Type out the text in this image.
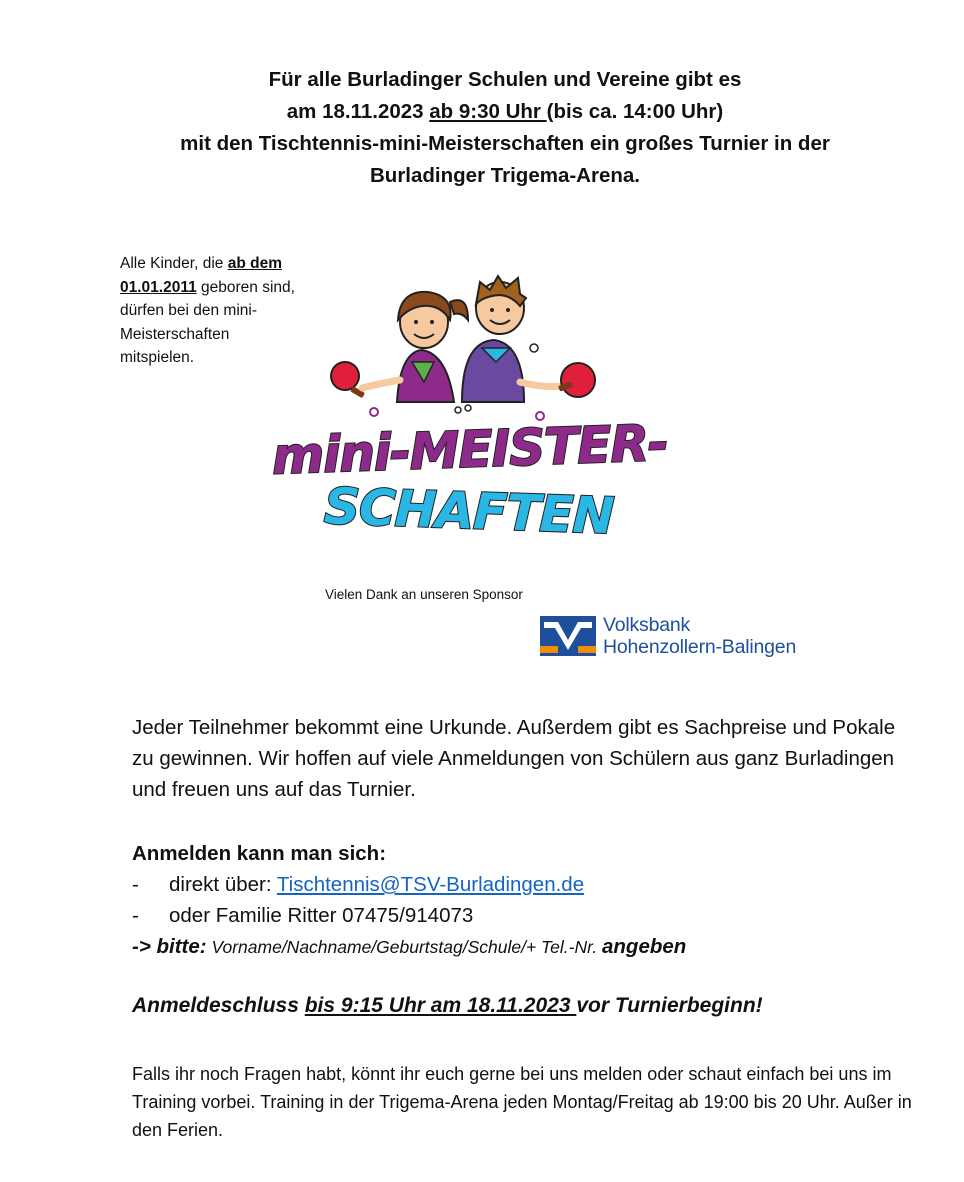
Für alle Burladinger Schulen und Vereine gibt es
am 18.11.2023 ab 9:30 Uhr (bis ca. 14:00 Uhr)
mit den Tischtennis-mini-Meisterschaften ein großes Turnier in der
Burladinger Trigema-Arena.
Alle Kinder, die ab dem 01.01.2011 geboren sind, dürfen bei den mini-Meisterschaften mitspielen.
mini-MEISTER-
SCHAFTEN
Vielen Dank an unseren Sponsor
Volksbank
Hohenzollern-Balingen
Jeder Teilnehmer bekommt eine Urkunde. Außerdem gibt es Sachpreise und Pokale zu gewinnen. Wir hoffen auf viele Anmeldungen von Schülern aus ganz Burladingen und freuen uns auf das Turnier.
Anmelden kann man sich:
- direkt über: Tischtennis@TSV-Burladingen.de
- oder Familie Ritter 07475/914073
-> bitte: Vorname/Nachname/Geburtstag/Schule/+ Tel.-Nr. angeben
Anmeldeschluss bis 9:15 Uhr am 18.11.2023 vor Turnierbeginn!
Falls ihr noch Fragen habt, könnt ihr euch gerne bei uns melden oder schaut einfach bei uns im Training vorbei. Training in der Trigema-Arena jeden Montag/Freitag ab 19:00 bis 20 Uhr. Außer in den Ferien.
